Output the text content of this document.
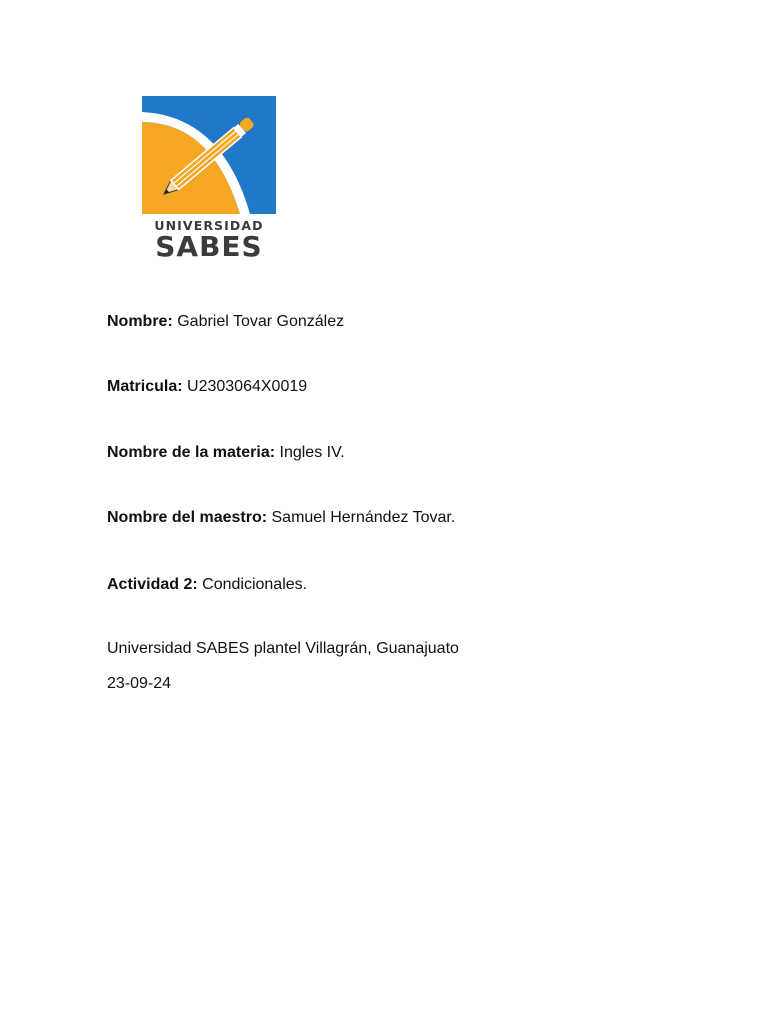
UNIVERSIDAD
SABES
Nombre: Gabriel Tovar González
Matricula: U2303064X0019
Nombre de la materia: Ingles IV.
Nombre del maestro: Samuel Hernández Tovar.
Actividad 2: Condicionales.
Universidad SABES plantel Villagrán, Guanajuato
23-09-24
